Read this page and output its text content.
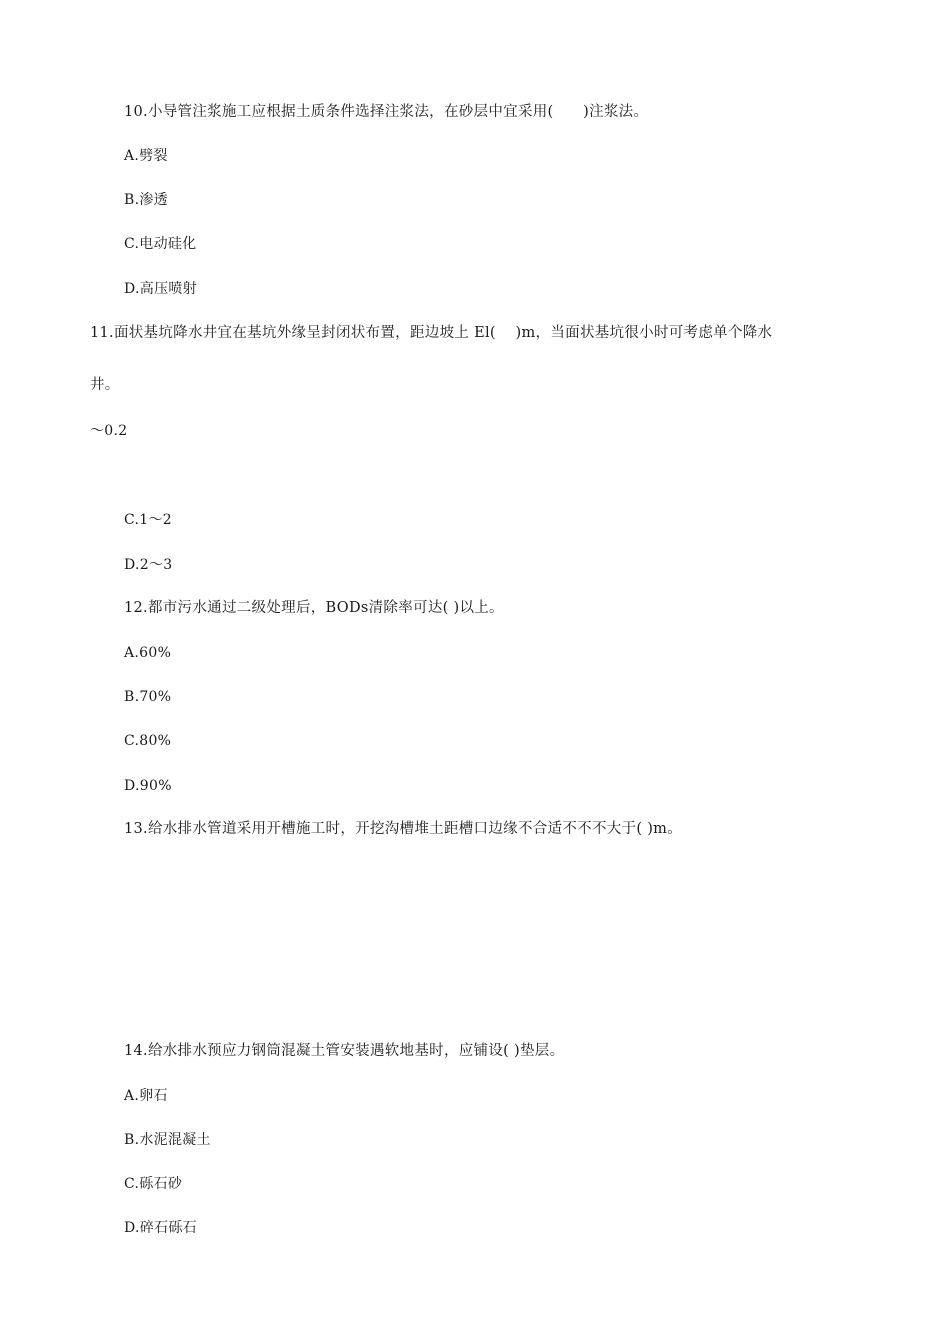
10.小导管注浆施工应根据土质条件选择注浆法，在砂层中宜采用(　　)注浆法。
A.劈裂
B.渗透
C.电动硅化
D.高压喷射
11.面状基坑降水井宜在基坑外缘呈封闭状布置，距边坡上 El(　 )m，当面状基坑很小时可考虑单个降水
井。
～0.2
C.1～2
D.2～3
12.都市污水通过二级处理后，BODs清除率可达( )以上。
A.60%
B.70%
C.80%
D.90%
13.给水排水管道采用开槽施工时，开挖沟槽堆土距槽口边缘不合适不不不大于( )m。
14.给水排水预应力钢筒混凝土管安装遇软地基时，应铺设( )垫层。
A.卵石
B.水泥混凝土
C.砾石砂
D.碎石砾石
